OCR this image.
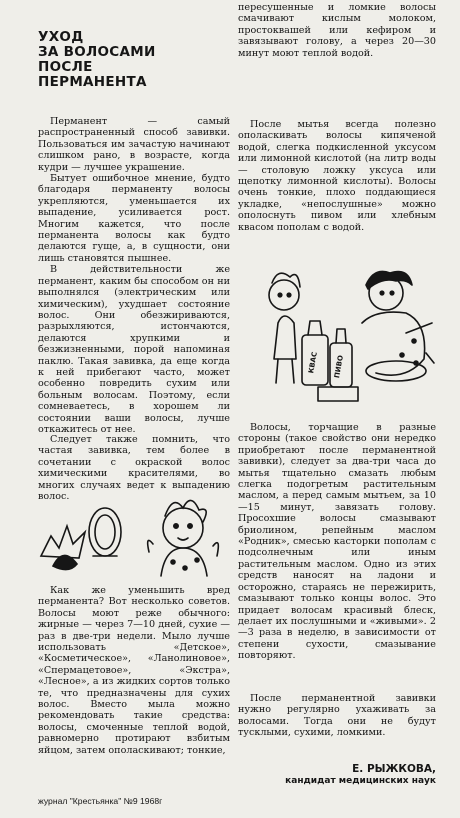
УХОД
ЗА ВОЛОСАМИ
ПОСЛЕ
ПЕРМАНЕНТА

Перманент — самый распространенный способ завивки. Пользоваться им зачастую начинают слишком рано, в возрасте, когда кудри — лучшее украшение.

Бытует ошибочное мнение, будто благодаря перманенту волосы укрепляются, уменьшается их выпадение, усиливается рост. Многим кажется, что после перманента волосы как будто делаются гуще, а, в сущности, они лишь становятся пышнее.

В действительности же перманент, каким бы способом он ни выполнялся (электрическим или химическим), ухудшает состояние волос. Они обезжириваются, разрыхляются, истончаются, делаются хрупкими и безжизненными, порой напоминая паклю. Такая завивка, да еще когда к ней прибегают часто, может особенно повредить сухим или больным волосам. Поэтому, если сомневаетесь, в хорошем ли состоянии ваши волосы, лучше откажитесь от нее.

Следует также помнить, что частая завивка, тем более в сочетании с окраской волос химическими красителями, во многих случаях ведет к выпадению волос.

Как же уменьшить вред перманента? Вот несколько советов. Волосы моют реже обычного: жирные — через 7—10 дней, сухие — раз в две-три недели. Мыло лучше использовать «Детское», «Косметическое», «Ланолиновое», «Спермацетовое», «Экстра», «Лесное», а из жидких сортов только те, что предназначены для сухих волос. Вместо мыла можно рекомендовать такие средства: волосы, смоченные теплой водой, равномерно протирают взбитым яйцом, затем ополаскивают; тонкие,

пересушенные и ломкие волосы смачивают кислым молоком, простоквашей или кефиром и завязывают голову, а через 20—30 минут моют теплой водой.

После мытья всегда полезно ополаскивать волосы кипяченой водой, слегка подкисленной уксусом или лимонной кислотой (на литр воды — столовую ложку уксуса или щепотку лимонной кислоты). Волосы очень тонкие, плохо поддающиеся укладке, «непослушные» можно ополоснуть пивом или хлебным квасом пополам с водой.

КВАС ПИВО

Волосы, торчащие в разные стороны (такое свойство они нередко приобретают после перманентной завивки), следует за два-три часа до мытья тщательно смазать любым слегка подогретым растительным маслом, а перед самым мытьем, за 10—15 минут, завязать голову. Просохшие волосы смазывают бриолином, репейным маслом «Родник», смесью касторки пополам с подсолнечным или иным растительным маслом. Одно из этих средств наносят на ладони и осторожно, стараясь не пережирить, смазывают только концы волос. Это придает волосам красивый блеск, делает их послушными и «живыми». 2—3 раза в неделю, в зависимости от степени сухости, смазывание повторяют.

После перманентной завивки нужно регулярно ухаживать за волосами. Тогда они не будут тусклыми, сухими, ломкими.

Е. РЫЖКОВА,
кандидат медицинских наук
журнал "Крестьянка" №9 1968г
